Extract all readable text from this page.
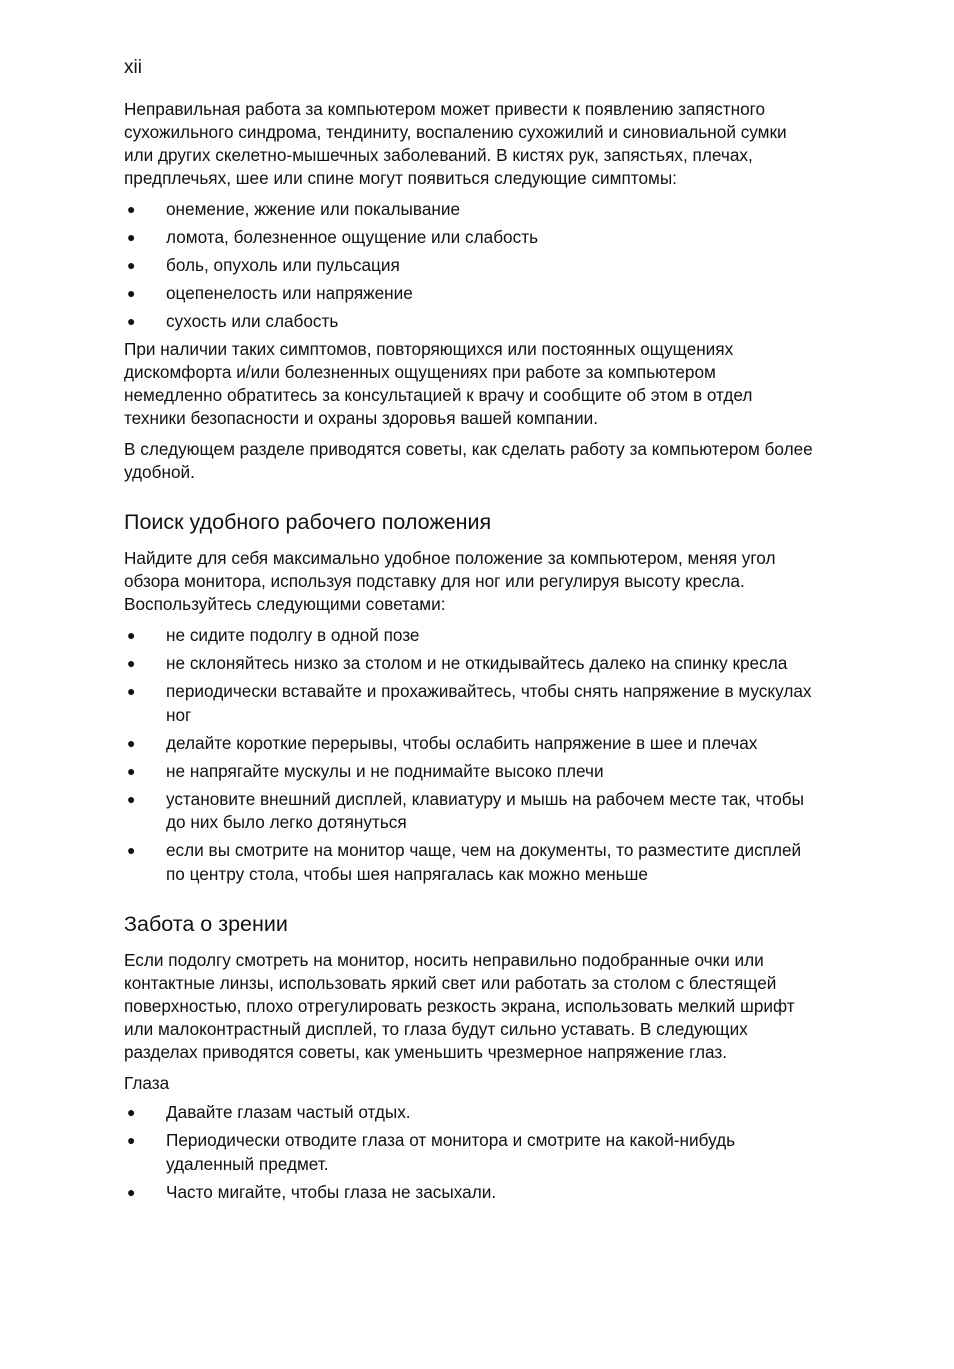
xii

Неправильная работа за компьютером может привести к появлению запястного сухожильного синдрома, тендиниту, воспалению сухожилий и синовиальной сумки или других скелетно-мышечных заболеваний. В кистях рук, запястьях, плечах, предплечьях, шее или спине могут появиться следующие симптомы:

● онемение, жжение или покалывание
● ломота, болезненное ощущение или слабость
● боль, опухоль или пульсация
● оцепенелость или напряжение
● сухость или слабость

При наличии таких симптомов, повторяющихся или постоянных ощущениях дискомфорта и/или болезненных ощущениях при работе за компьютером немедленно обратитесь за консультацией к врачу и сообщите об этом в отдел техники безопасности и охраны здоровья вашей компании.

В следующем разделе приводятся советы, как сделать работу за компьютером более удобной.

Поиск удобного рабочего положения

Найдите для себя максимально удобное положение за компьютером, меняя угол обзора монитора, используя подставку для ног или регулируя высоту кресла. Воспользуйтесь следующими советами:

● не сидите подолгу в одной позе
● не склоняйтесь низко за столом и не откидывайтесь далеко на спинку кресла
● периодически вставайте и прохаживайтесь, чтобы снять напряжение в мускулах ног
● делайте короткие перерывы, чтобы ослабить напряжение в шее и плечах
● не напрягайте мускулы и не поднимайте высоко плечи
● установите внешний дисплей, клавиатуру и мышь на рабочем месте так, чтобы до них было легко дотянуться
● если вы смотрите на монитор чаще, чем на документы, то разместите дисплей по центру стола, чтобы шея напрягалась как можно меньше
Забота о зрении

Если подолгу смотреть на монитор, носить неправильно подобранные очки или контактные линзы, использовать яркий свет или работать за столом с блестящей поверхностью, плохо отрегулировать резкость экрана, использовать мелкий шрифт или малоконтрастный дисплей, то глаза будут сильно уставать. В следующих разделах приводятся советы, как уменьшить чрезмерное напряжение глаз.

Глаза

● Давайте глазам частый отдых.
● Периодически отводите глаза от монитора и смотрите на какой-нибудь удаленный предмет.
● Часто мигайте, чтобы глаза не засыхали.
